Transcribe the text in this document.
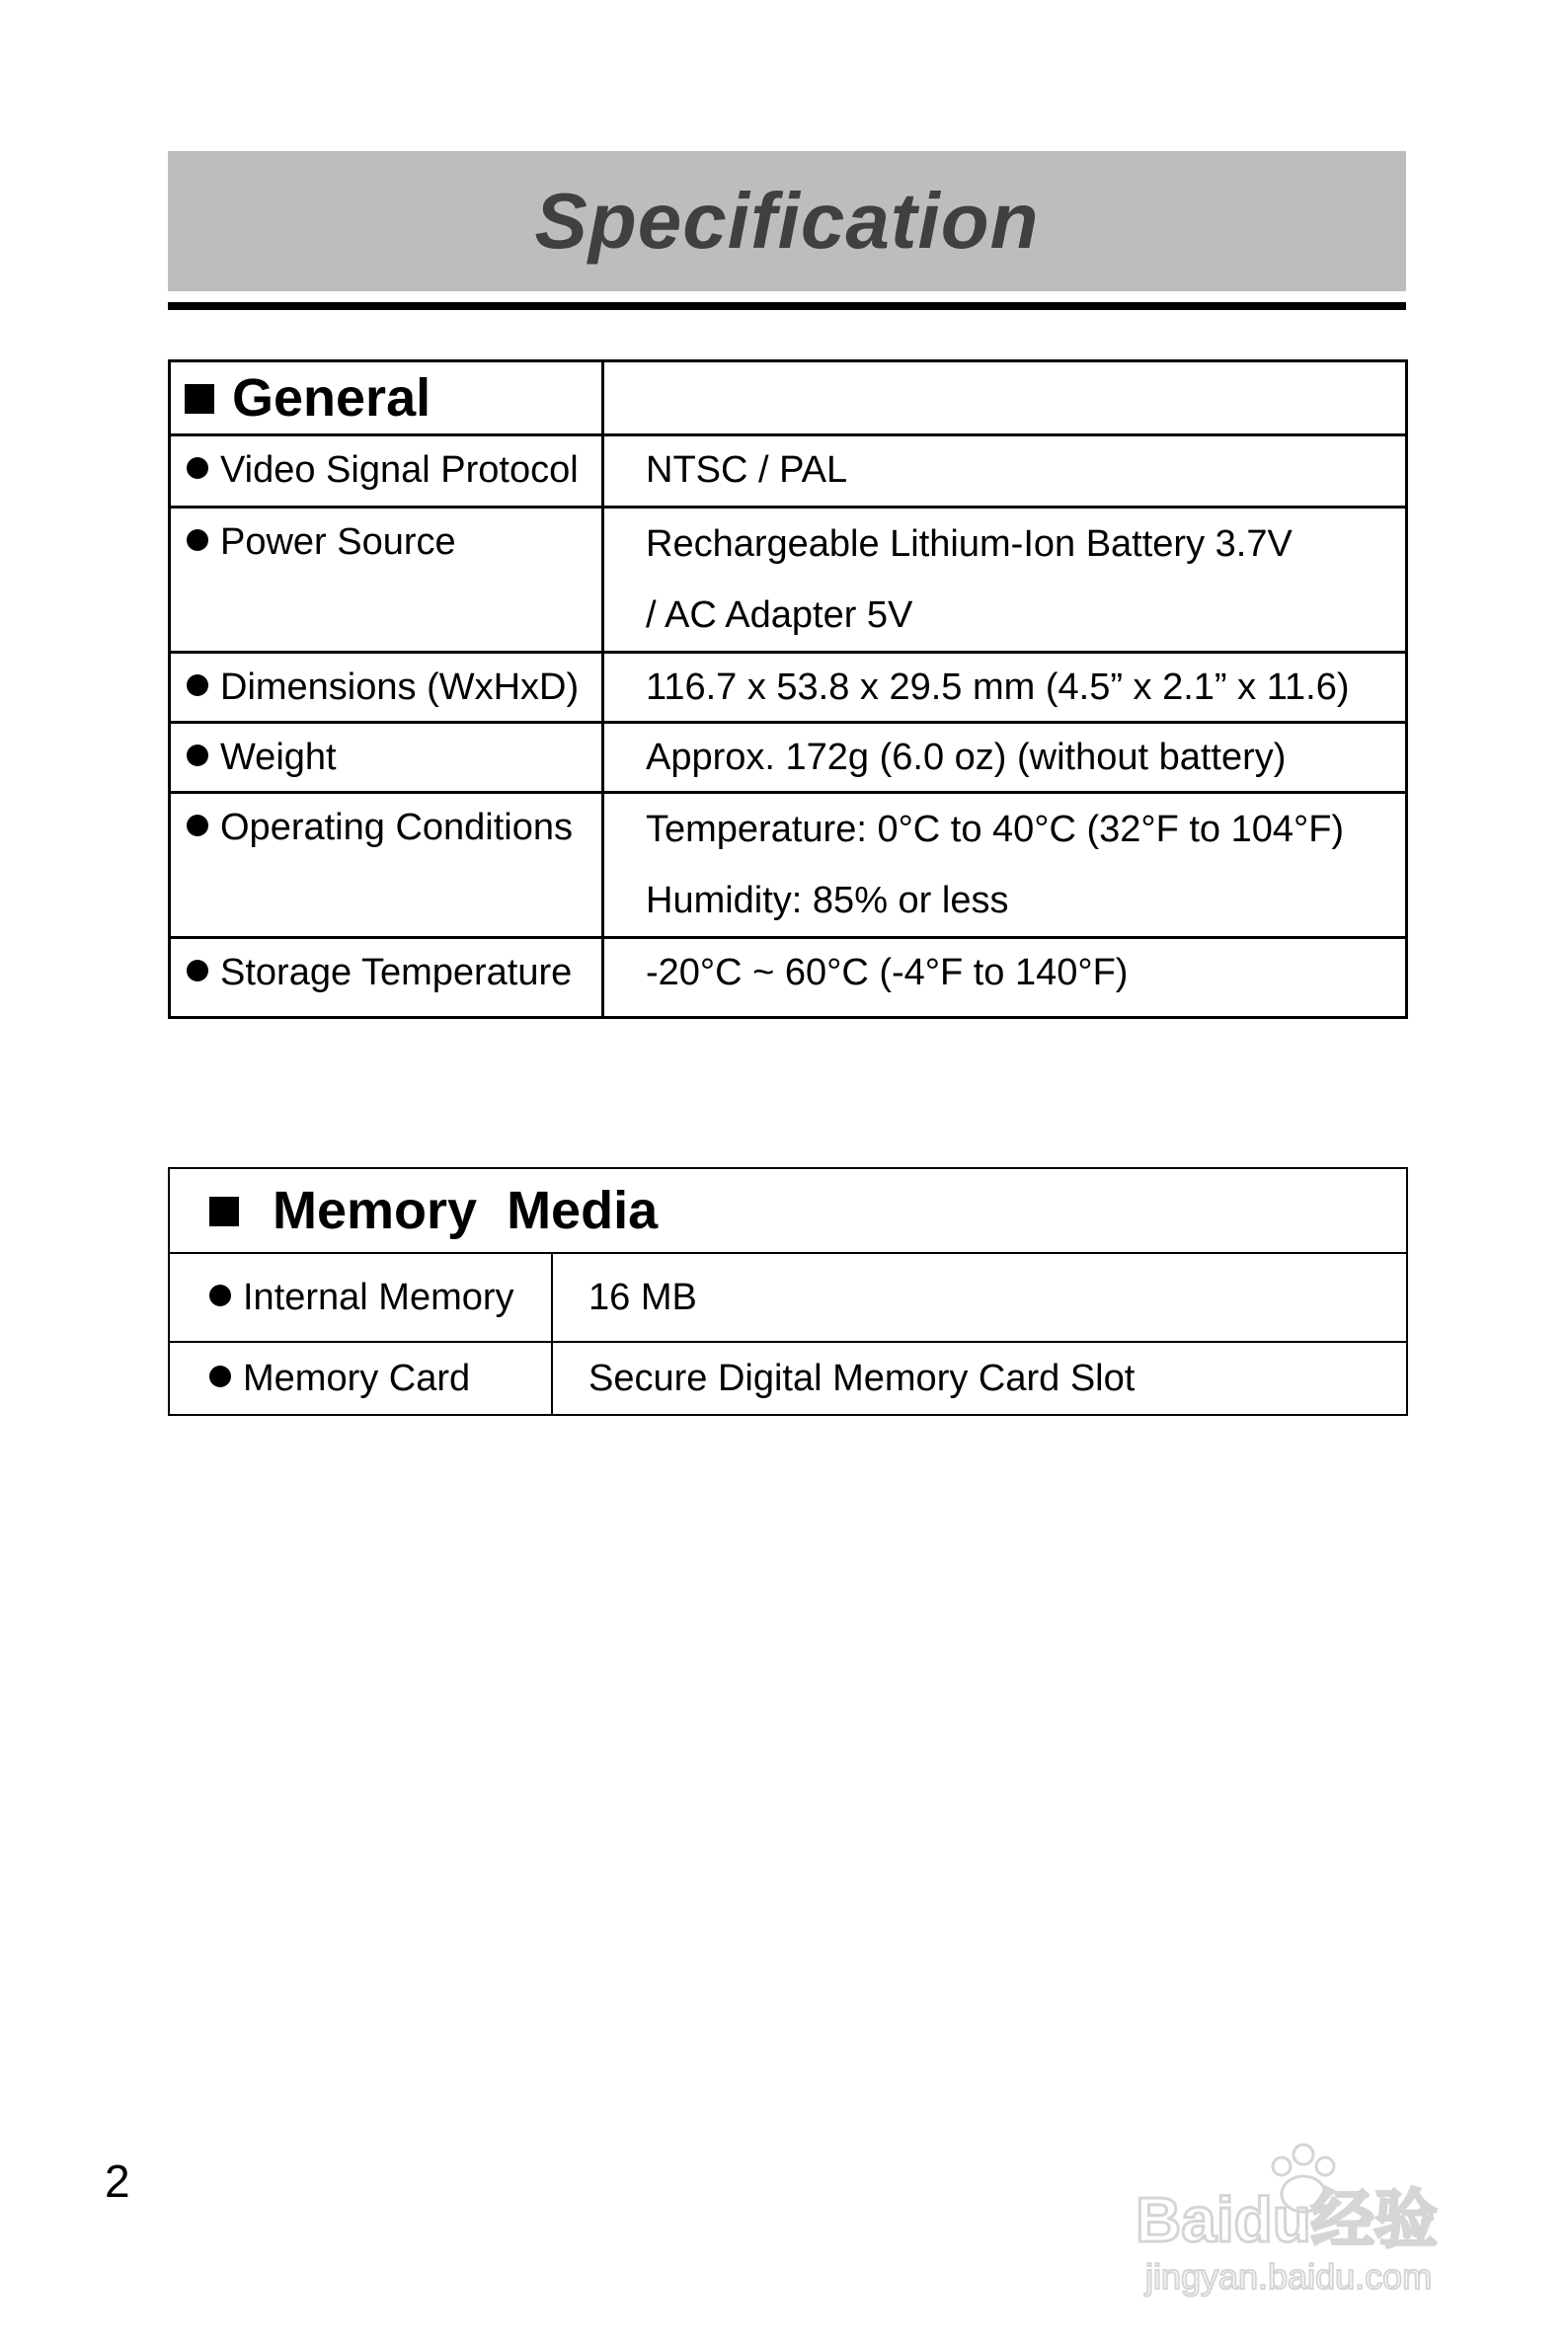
Specification
General	
Video Signal Protocol	NTSC / PAL
Power Source	Rechargeable Lithium-Ion Battery 3.7V
/ AC Adapter 5V

Dimensions (WxHxD)	116.7 x 53.8 x 29.5 mm (4.5” x 2.1” x 11.6)
Weight	Approx. 172g (6.0 oz) (without battery)
Operating Conditions	Temperature: 0°C to 40°C (32°F to 104°F)
Humidity: 85% or less

Storage Temperature	-20°C ~ 60°C (-4°F to 140°F)
Memory  Media	
Internal Memory	16 MB
Memory Card	Secure Digital Memory Card Slot
2
Baidu经验
jingyan.baidu.com
